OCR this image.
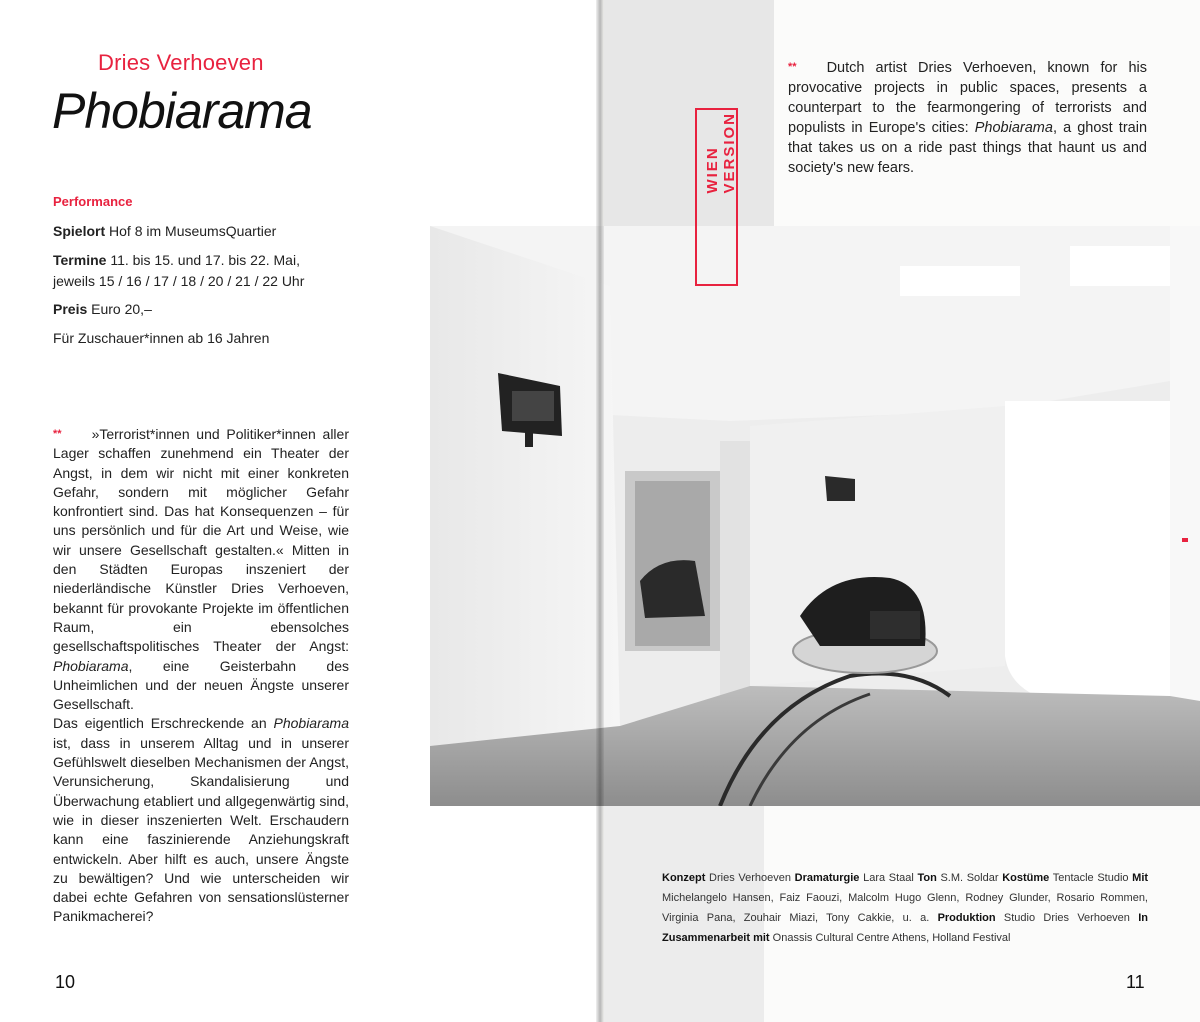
Dries Verhoeven
Phobiarama
Performance
Spielort Hof 8 im MuseumsQuartier
Termine 11. bis 15. und 17. bis 22. Mai,
jeweils 15 / 16 / 17 / 18 / 20 / 21 / 22 Uhr
Preis Euro 20,–
Für Zuschauer*innen ab 16 Jahren

** »Terrorist*innen und Politiker*innen aller Lager schaffen zunehmend ein Theater der Angst, in dem wir nicht mit einer konkreten Gefahr, sondern mit möglicher Gefahr konfrontiert sind. Das hat Konsequenzen – für uns persönlich und für die Art und Weise, wie wir unsere Gesellschaft gestalten.« Mitten in den Städten Europas inszeniert der niederländische Künstler Dries Verhoeven, bekannt für provokante Projekte im öffentlichen Raum, ein ebensolches gesellschaftspolitisches Theater der Angst: Phobiarama, eine Geisterbahn des Unheimlichen und der neuen Ängste unserer Gesellschaft.

Das eigentlich Erschreckende an Phobiarama ist, dass in unserem Alltag und in unserer Gefühlswelt dieselben Mechanismen der Angst, Verunsicherung, Skandalisierung und Überwachung etabliert und allgegenwärtig sind, wie in dieser inszenierten Welt. Erschaudern kann eine faszinierende Anziehungskraft entwickeln. Aber hilft es auch, unsere Ängste zu bewältigen? Und wie unterscheiden wir dabei echte Gefahren von sensationslüsterner Panikmacherei?

10
WIEN
VERSION
** Dutch artist Dries Verhoeven, known for his provocative projects in public spaces, presents a counterpart to the fearmongering of terrorists and populists in Europe's cities: Phobiarama, a ghost train that takes us on a ride past things that haunt us and society's new fears.
Konzept Dries Verhoeven Dramaturgie Lara Staal Ton S.M. Soldar Kostüme Tentacle Studio Mit Michelangelo Hansen, Faiz Faouzi, Malcolm Hugo Glenn, Rodney Glunder, Rosario Rommen, Virginia Pana, Zouhair Miazi, Tony Cakkie, u. a. Produktion Studio Dries Verhoeven In Zusammenarbeit mit Onassis Cultural Centre Athens, Holland Festival
11
